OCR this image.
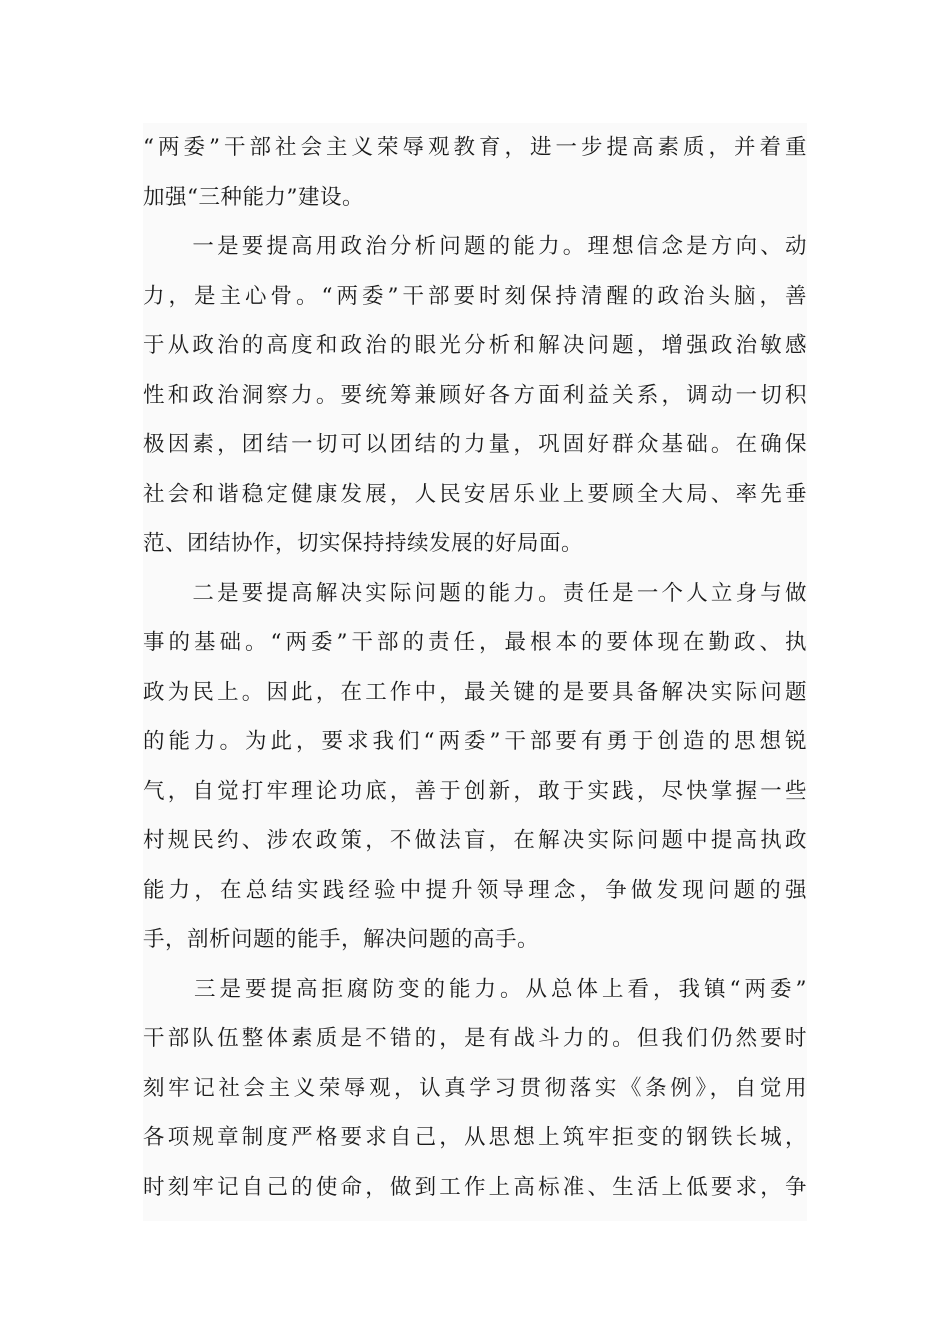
“两委”干部社会主义荣辱观教育，进一步提高素质，并着重
加强“三种能力”建设。
　　一是要提高用政治分析问题的能力。理想信念是方向、动
力，是主心骨。“两委”干部要时刻保持清醒的政治头脑，善
于从政治的高度和政治的眼光分析和解决问题，增强政治敏感
性和政治洞察力。要统筹兼顾好各方面利益关系，调动一切积
极因素，团结一切可以团结的力量，巩固好群众基础。在确保
社会和谐稳定健康发展，人民安居乐业上要顾全大局、率先垂
范、团结协作，切实保持持续发展的好局面。
　　二是要提高解决实际问题的能力。责任是一个人立身与做
事的基础。“两委”干部的责任，最根本的要体现在勤政、执
政为民上。因此，在工作中，最关键的是要具备解决实际问题
的能力。为此，要求我们“两委”干部要有勇于创造的思想锐
气，自觉打牢理论功底，善于创新，敢于实践，尽快掌握一些
村规民约、涉农政策，不做法盲，在解决实际问题中提高执政
能力，在总结实践经验中提升领导理念，争做发现问题的强
手，剖析问题的能手，解决问题的高手。
　　三是要提高拒腐防变的能力。从总体上看，我镇“两委”
干部队伍整体素质是不错的，是有战斗力的。但我们仍然要时
刻牢记社会主义荣辱观，认真学习贯彻落实《条例》，自觉用
各项规章制度严格要求自己，从思想上筑牢拒变的钢铁长城，
时刻牢记自己的使命，做到工作上高标准、生活上低要求，争
